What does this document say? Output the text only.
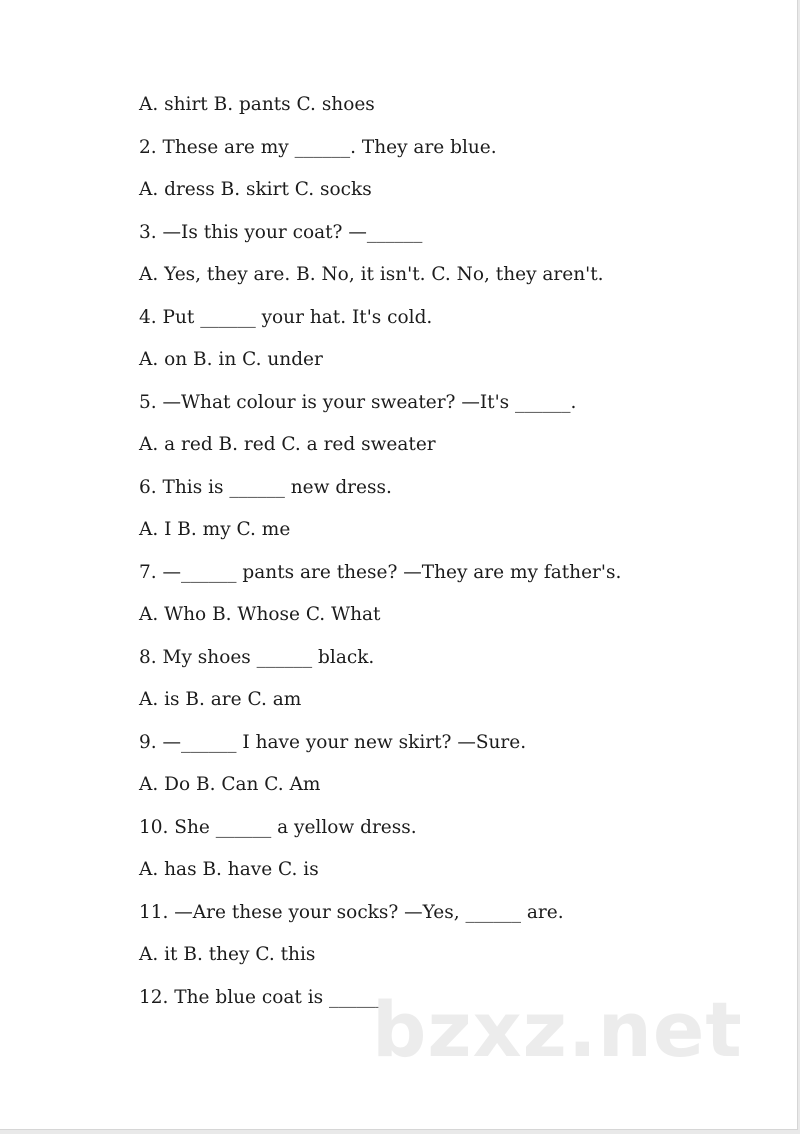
A. shirt B. pants C. shoes
2. These are my ______. They are blue.
A. dress B. skirt C. socks
3. —Is this your coat? —______
A. Yes, they are. B. No, it isn't. C. No, they aren't.
4. Put ______ your hat. It's cold.
A. on B. in C. under
5. —What colour is your sweater? —It's ______.
A. a red B. red C. a red sweater
6. This is ______ new dress.
A. I B. my C. me
7. —______ pants are these? —They are my father's.
A. Who B. Whose C. What
8. My shoes ______ black.
A. is B. are C. am
9. —______ I have your new skirt? —Sure.
A. Do B. Can C. Am
10. She ______ a yellow dress.
A. has B. have C. is
11. —Are these your socks? —Yes, ______ are.
A. it B. they C. this
12. The blue coat is ______.
bzxz.net
